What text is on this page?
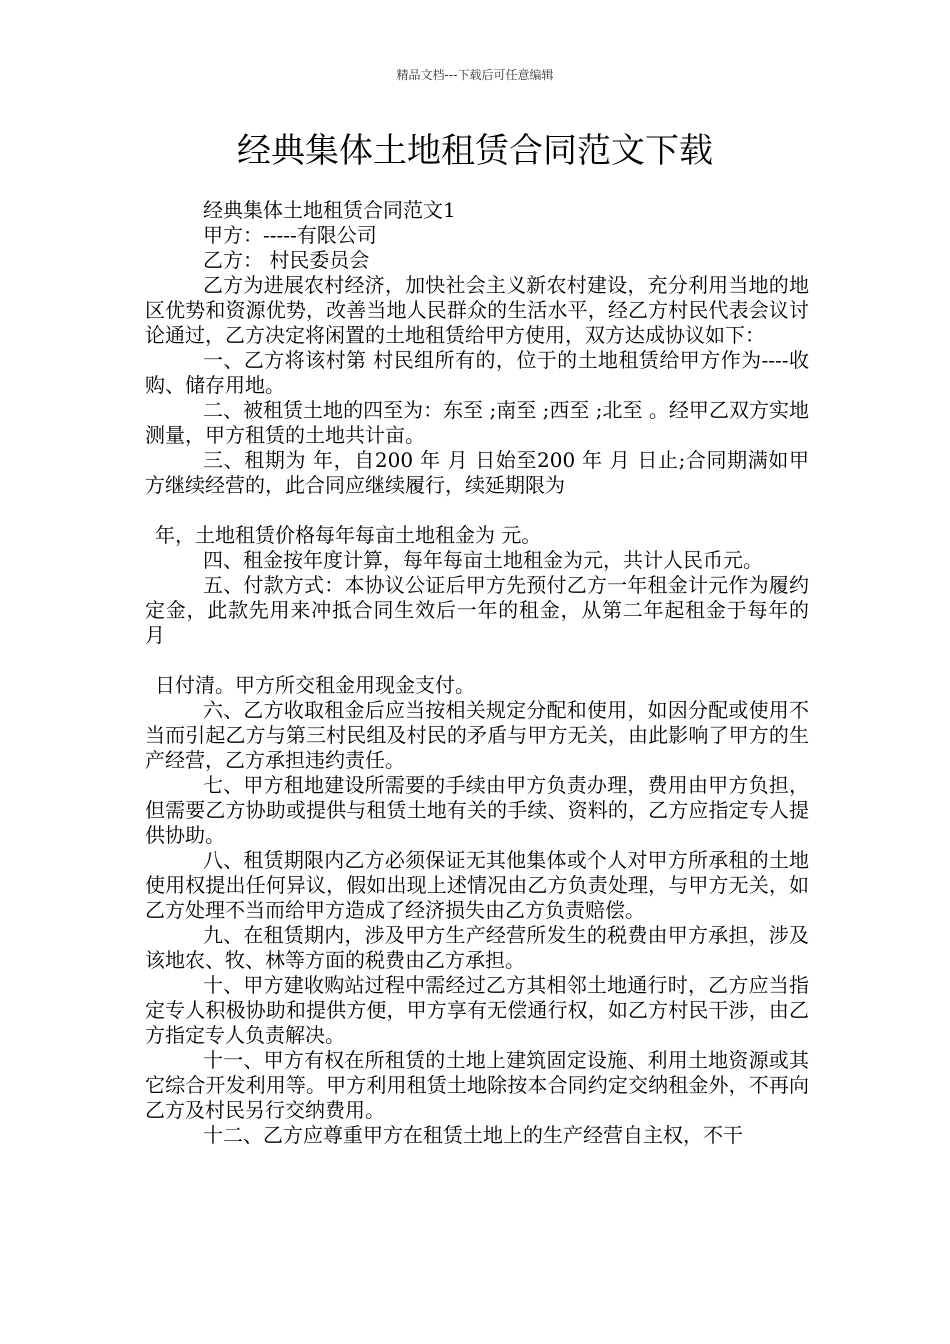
精品文档---下载后可任意编辑
经典集体土地租赁合同范文下载

经典集体土地租赁合同范文1

甲方：-----有限公司

乙方： 村民委员会

乙方为进展农村经济，加快社会主义新农村建设，充分利用当地的地区优势和资源优势，改善当地人民群众的生活水平，经乙方村民代表会议讨论通过，乙方决定将闲置的土地租赁给甲方使用，双方达成协议如下：

一、乙方将该村第 村民组所有的，位于的土地租赁给甲方作为----收购、储存用地。

二、被租赁土地的四至为：东至 ;南至 ;西至 ;北至 。经甲乙双方实地测量，甲方租赁的土地共计亩。

三、租期为 年，自200 年 月 日始至200 年 月 日止;合同期满如甲方继续经营的，此合同应继续履行，续延期限为

年，土地租赁价格每年每亩土地租金为 元。

四、租金按年度计算，每年每亩土地租金为元，共计人民币元。

五、付款方式：本协议公证后甲方先预付乙方一年租金计元作为履约定金，此款先用来冲抵合同生效后一年的租金，从第二年起租金于每年的 月

日付清。甲方所交租金用现金支付。

六、乙方收取租金后应当按相关规定分配和使用，如因分配或使用不当而引起乙方与第三村民组及村民的矛盾与甲方无关，由此影响了甲方的生产经营，乙方承担违约责任。

七、甲方租地建设所需要的手续由甲方负责办理，费用由甲方负担，但需要乙方协助或提供与租赁土地有关的手续、资料的，乙方应指定专人提供协助。

八、租赁期限内乙方必须保证无其他集体或个人对甲方所承租的土地使用权提出任何异议，假如出现上述情况由乙方负责处理，与甲方无关，如乙方处理不当而给甲方造成了经济损失由乙方负责赔偿。

九、在租赁期内，涉及甲方生产经营所发生的税费由甲方承担，涉及该地农、牧、林等方面的税费由乙方承担。

十、甲方建收购站过程中需经过乙方其相邻土地通行时，乙方应当指定专人积极协助和提供方便，甲方享有无偿通行权，如乙方村民干涉，由乙方指定专人负责解决。

十一、甲方有权在所租赁的土地上建筑固定设施、利用土地资源或其它综合开发利用等。甲方利用租赁土地除按本合同约定交纳租金外，不再向乙方及村民另行交纳费用。

十二、乙方应尊重甲方在租赁土地上的生产经营自主权，不干
